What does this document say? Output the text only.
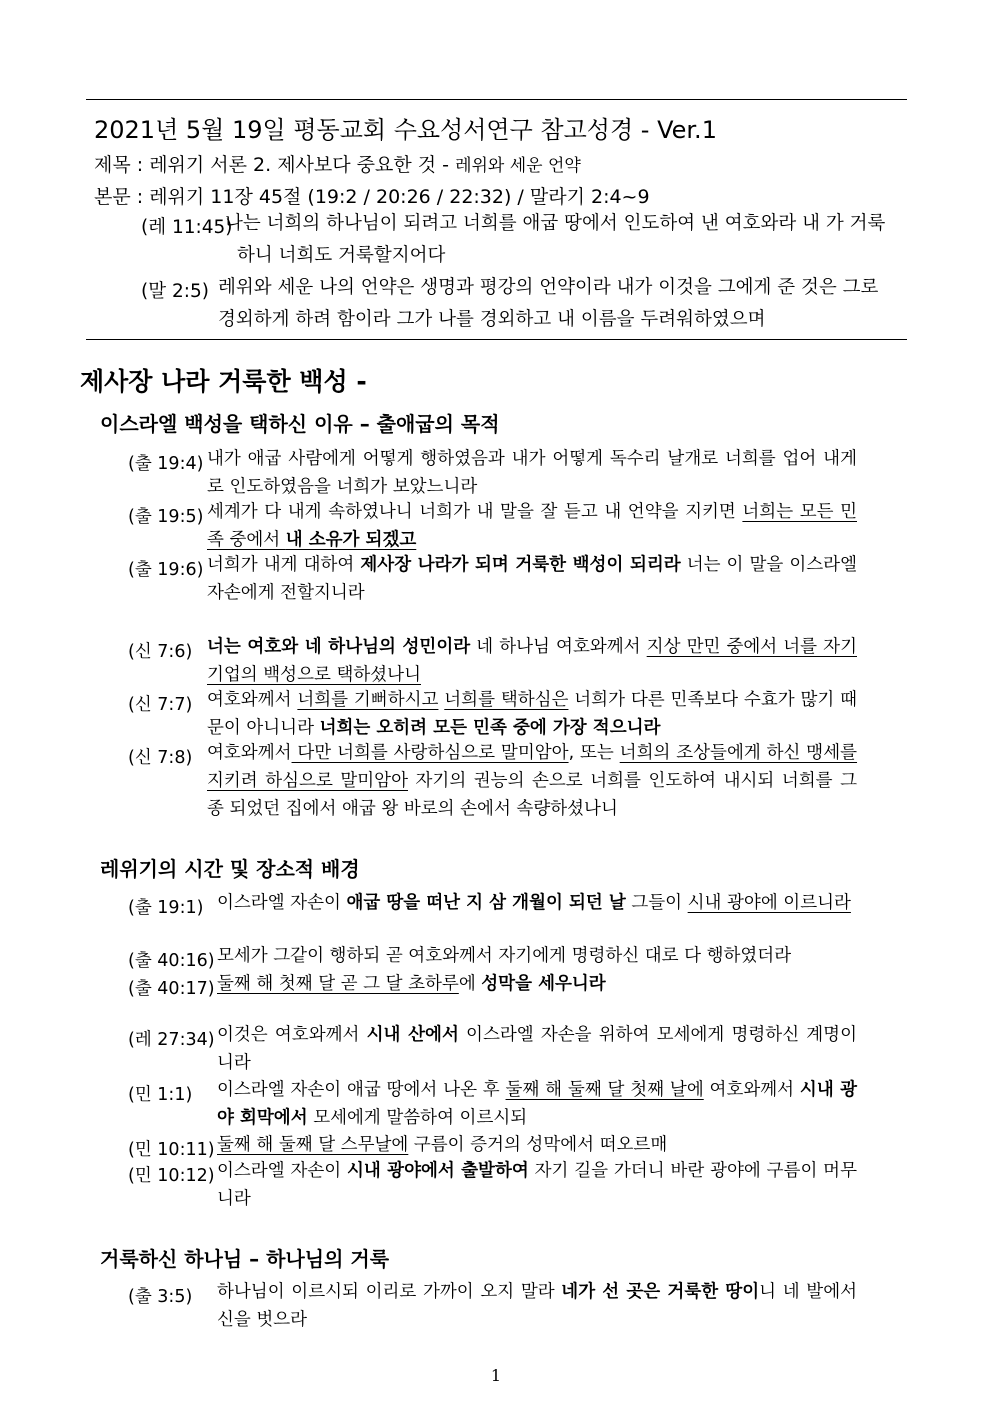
2021년 5월 19일 평동교회 수요성서연구 참고성경 - Ver.1
제목 : 레위기 서론 2. 제사보다 중요한 것 - 레위와 세운 언약
본문 : 레위기 11장 45절 (19:2 / 20:26 / 22:32) / 말라기 2:4~9
(레 11:45)
나는 너희의 하나님이 되려고 너희를 애굽 땅에서 인도하여 낸 여호와라 내 가 거룩하니 너희도 거룩할지어다
(말 2:5) 레위와 세운 나의 언약은 생명과 평강의 언약이라 내가 이것을 그에게 준 것은 그로 경외하게 하려 함이라 그가 나를 경외하고 내 이름을 두려워하였으며
제사장 나라 거룩한 백성 -
이스라엘 백성을 택하신 이유 – 출애굽의 목적
(출 19:4) 내가 애굽 사람에게 어떻게 행하였음과 내가 어떻게 독수리 날개로 너희를 업어 내게로 인도하였음을 너희가 보았느니라
(출 19:5) 세계가 다 내게 속하였나니 너희가 내 말을 잘 듣고 내 언약을 지키면 너희는 모든 민족 중에서 내 소유가 되겠고
(출 19:6) 너희가 내게 대하여 제사장 나라가 되며 거룩한 백성이 되리라 너는 이 말을 이스라엘 자손에게 전할지니라
(신 7:6) 너는 여호와 네 하나님의 성민이라 네 하나님 여호와께서 지상 만민 중에서 너를 자기 기업의 백성으로 택하셨나니
(신 7:7) 여호와께서 너희를 기뻐하시고 너희를 택하심은 너희가 다른 민족보다 수효가 많기 때문이 아니니라 너희는 오히려 모든 민족 중에 가장 적으니라
(신 7:8) 여호와께서 다만 너희를 사랑하심으로 말미암아, 또는 너희의 조상들에게 하신 맹세를 지키려 하심으로 말미암아 자기의 권능의 손으로 너희를 인도하여 내시되 너희를 그 종 되었던 집에서 애굽 왕 바로의 손에서 속량하셨나니
레위기의 시간 및 장소적 배경
(출 19:1) 이스라엘 자손이 애굽 땅을 떠난 지 삼 개월이 되던 날 그들이 시내 광야에 이르니라
(출 40:16) 모세가 그같이 행하되 곧 여호와께서 자기에게 명령하신 대로 다 행하였더라
(출 40:17) 둘째 해 첫째 달 곧 그 달 초하루에 성막을 세우니라
(레 27:34) 이것은 여호와께서 시내 산에서 이스라엘 자손을 위하여 모세에게 명령하신 계명이니라
(민 1:1) 이스라엘 자손이 애굽 땅에서 나온 후 둘째 해 둘째 달 첫째 날에 여호와께서 시내 광야 회막에서 모세에게 말씀하여 이르시되
(민 10:11) 둘째 해 둘째 달 스무날에 구름이 증거의 성막에서 떠오르매
(민 10:12) 이스라엘 자손이 시내 광야에서 출발하여 자기 길을 가더니 바란 광야에 구름이 머무니라
거룩하신 하나님 – 하나님의 거룩
(출 3:5) 하나님이 이르시되 이리로 가까이 오지 말라 네가 선 곳은 거룩한 땅이니 네 발에서 신을 벗으라
1
